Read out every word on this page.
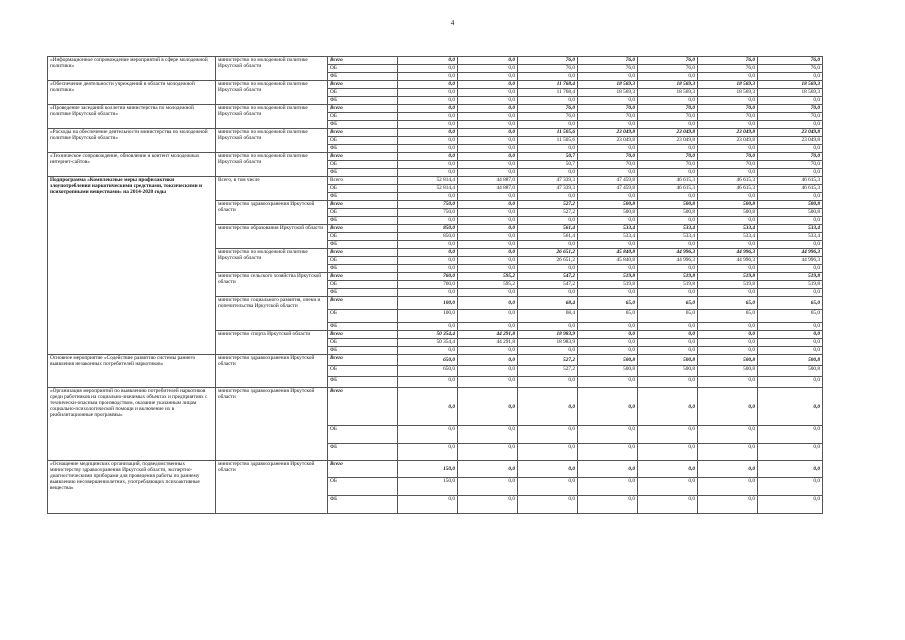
4
«Информационное сопровождение мероприятий в сфере молодежной политики»	министерство по молодежной политике Иркутской области	Всего	0,0	0,0	76,0	76,0	76,0	76,0	76,0
		ОБ	0,0	0,0	76,0	76,0	76,0	76,0	76,0
		ФБ	0,0	0,0	0,0	0,0	0,0	0,0	0,0
«Обеспечение деятельности учреждений в области молодежной политики»	министерство по молодежной политике Иркутской области	Всего	0,0	0,0	11 768,4	18 569,3	18 569,3	18 569,3	18 569,3
		ОБ	0,0	0,0	11 768,4	18 569,3	18 569,3	18 569,3	18 569,3
		ФБ	0,0	0,0	0,0	0,0	0,0	0,0	0,0
«Проведение заседаний коллегии министерства по молодежной политике Иркутской области»	министерство по молодежной политике Иркутской области	Всего	0,0	0,0	76,0	70,0	70,0	70,0	70,0
		ОБ	0,0	0,0	76,0	70,0	70,0	70,0	70,0
		ФБ	0,0	0,0	0,0	0,0	0,0	0,0	0,0
«Расходы на обеспечение деятельности министерства по молодежной политике Иркутской области»	министерство по молодежной политике Иркутской области	Всего	0,0	0,0	11 505,6	23 049,8	23 049,8	23 049,8	23 049,8
		ОБ	0,0	0,0	11 505,6	23 049,8	23 049,8	23 049,8	23 049,8
		ФБ	0,0	0,0	0,0	0,0	0,0	0,0	0,0
«Техническое сопровождение, обновление и контент молодежных интернет-сайтов»	министерство по молодежной политике Иркутской области	Всего	0,0	0,0	50,7	70,0	70,0	70,0	70,0
		ОБ	0,0	0,0	50,7	70,0	70,0	70,0	70,0
		ФБ	0,0	0,0	0,0	0,0	0,0	0,0	0,0
Подпрограмма «Комплексные меры профилактики злоупотребления наркотическими средствами, токсическими и психотропными веществами» на 2014-2020 годы	Всего, в том числе	Всего	52 814,4	44 887,0	47 339,3	47 459,8	46 615,3	46 615,3	46 615,3
		ОБ	52 814,4	44 887,0	47 339,3	47 459,8	46 615,3	46 615,3	46 615,3
		ФБ	0,0	0,0	0,0	0,0	0,0	0,0	0,0
	министерство здравоохранения Иркутской области	Всего	750,0	0,0	527,2	500,8	500,8	500,8	500,8
		ОБ	750,0	0,0	527,2	500,8	500,8	500,8	500,8
		ФБ	0,0	0,0	0,0	0,0	0,0	0,0	0,0
	министерство образования Иркутской области	Всего	850,0	0,0	561,4	533,4	533,4	533,4	533,4
		ОБ	850,0	0,0	561,4	533,4	533,4	533,4	533,4
		ФБ	0,0	0,0	0,0	0,0	0,0	0,0	0,0
	министерство по молодежной политике Иркутской области	Всего	0,0	0,0	26 651,2	45 840,8	44 996,3	44 996,3	44 996,3
		ОБ	0,0	0,0	26 651,2	45 840,8	44 996,3	44 996,3	44 996,3
		ФБ	0,0	0,0	0,0	0,0	0,0	0,0	0,0
	министерство сельского хозяйства Иркутской области	Всего	760,0	595,2	547,2	519,8	519,8	519,8	519,8
		ОБ	760,0	595,2	547,2	519,8	519,8	519,8	519,8
		ФБ	0,0	0,0	0,0	0,0	0,0	0,0	0,0
	министерство социального развития, опеки и попечительства Иркутской области	Всего	100,0	0,0	68,4	65,0	65,0	65,0	65,0
		ОБ	100,0	0,0	68,4	65,0	65,0	65,0	65,0
		ФБ	0,0	0,0	0,0	0,0	0,0	0,0	0,0
	министерство спорта Иркутской области	Всего	50 354,4	44 291,8	18 983,9	0,0	0,0	0,0	0,0
		ОБ	50 354,4	44 291,8	18 983,9	0,0	0,0	0,0	0,0
		ФБ	0,0	0,0	0,0	0,0	0,0	0,0	0,0
Основное мероприятие «Содействие развитию системы раннего выявления незаконных потребителей наркотиков»	министерство здравоохранения Иркутской области	Всего	650,0	0,0	527,2	500,8	500,8	500,8	500,8
		ОБ	650,0	0,0	527,2	500,8	500,8	500,8	500,8
		ФБ	0,0	0,0	0,0	0,0	0,0	0,0	0,0
«Организация мероприятий по выявлению потребителей наркотиков среди работников на социально-значимых объектах и предприятиях с технически-опасным производством, оказание указанным лицам социально-психологической помощи и включение их в реабилитационные программы»	министерство здравоохранения Иркутской области	Всего	0,0	0,0	0,0	0,0	0,0	0,0	0,0
		ОБ	0,0	0,0	0,0	0,0	0,0	0,0	0,0
		ФБ	0,0	0,0	0,0	0,0	0,0	0,0	0,0
«Оснащение медицинских организаций, подведомственных министерству здравоохранения Иркутской области, экспертно-диагностическими приборами для проведения работы по раннему выявлению несовершеннолетних, употребляющих психоактивные вещества»	министерство здравоохранения Иркутской области	Всего	150,0	0,0	0,0	0,0	0,0	0,0	0,0
		ОБ	150,0	0,0	0,0	0,0	0,0	0,0	0,0
		ФБ	0,0	0,0	0,0	0,0	0,0	0,0	0,0
